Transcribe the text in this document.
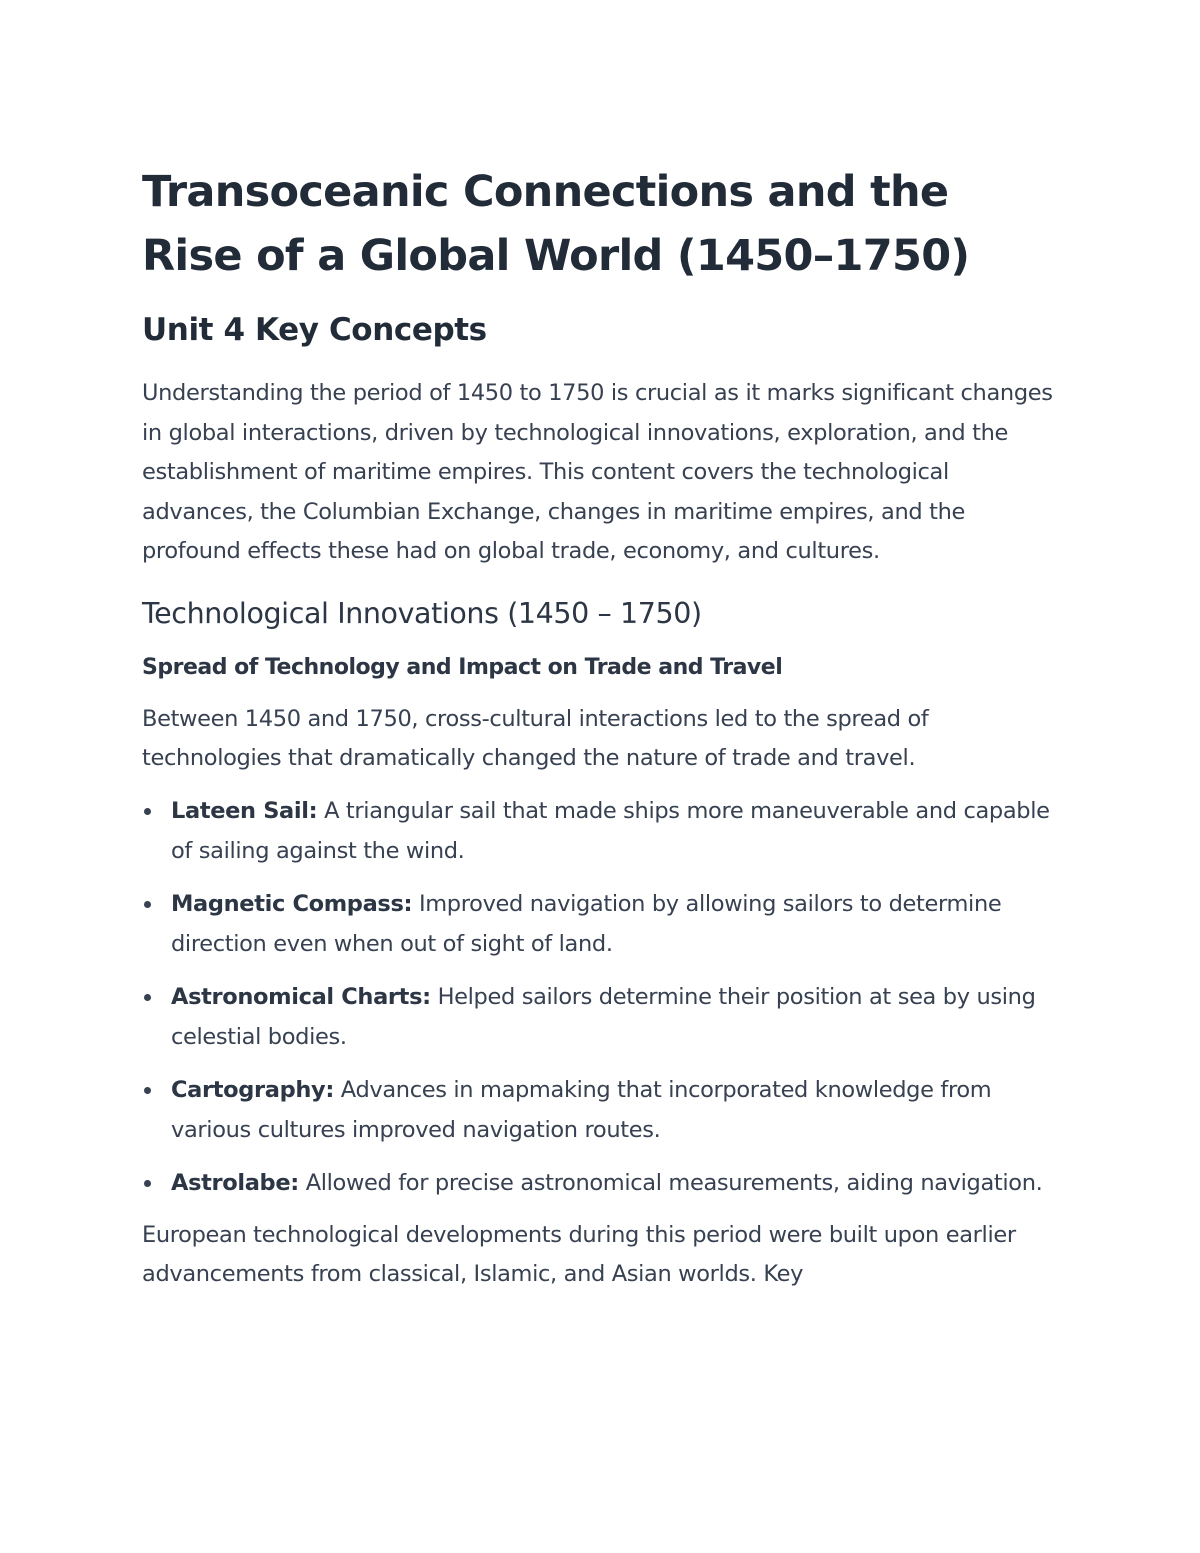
Transoceanic Connections and the Rise of a Global World (1450–1750)
Unit 4 Key Concepts

Understanding the period of 1450 to 1750 is crucial as it marks significant changes in global interactions, driven by technological innovations, exploration, and the establishment of maritime empires. This content covers the technological advances, the Columbian Exchange, changes in maritime empires, and the profound effects these had on global trade, economy, and cultures.

Technological Innovations (1450 – 1750)
Spread of Technology and Impact on Trade and Travel

Between 1450 and 1750, cross-cultural interactions led to the spread of technologies that dramatically changed the nature of trade and travel.

Lateen Sail: A triangular sail that made ships more maneuverable and capable of sailing against the wind.
Magnetic Compass: Improved navigation by allowing sailors to determine direction even when out of sight of land.
Astronomical Charts: Helped sailors determine their position at sea by using celestial bodies.
Cartography: Advances in mapmaking that incorporated knowledge from various cultures improved navigation routes.
Astrolabe: Allowed for precise astronomical measurements, aiding navigation.

European technological developments during this period were built upon earlier advancements from classical, Islamic, and Asian worlds. Key
